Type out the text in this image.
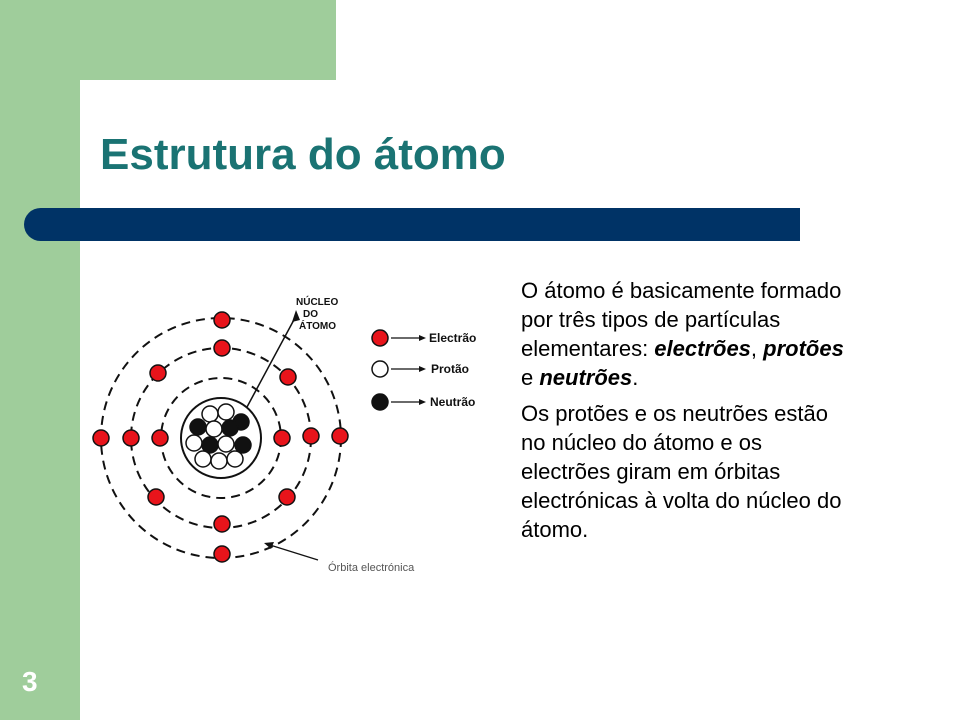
Estrutura do átomo
3
NÚCLEO
DO
ÁTOMO
Electrão
Protão
Neutrão
Órbita electrónica

O átomo é basicamente formado por três tipos de partículas elementares: electrões, protões e neutrões.

Os protões e os neutrões estão no núcleo do átomo e os electrões giram em órbitas electrónicas à volta do núcleo do átomo.
